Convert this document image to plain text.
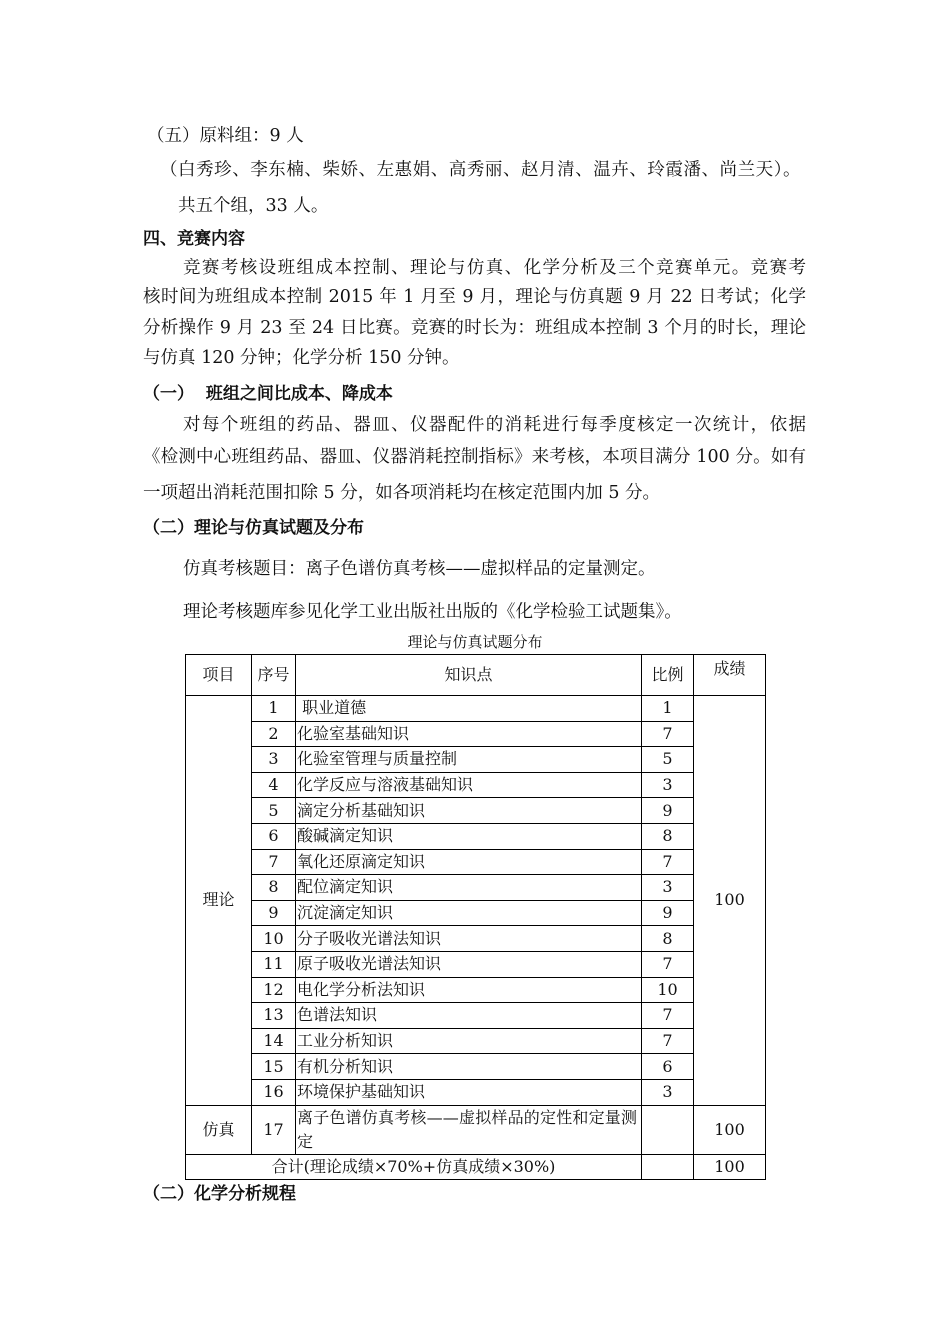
（五）原料组：9 人
（白秀珍、李东楠、柴娇、左惠娟、高秀丽、赵月清、温卉、玲霞潘、尚兰天）。
共五个组，33 人。
四、竞赛内容
竞赛考核设班组成本控制、理论与仿真、化学分析及三个竞赛单元。竞赛考
核时间为班组成本控制 2015 年 1 月至 9 月，理论与仿真题 9 月 22 日考试；化学
分析操作 9 月 23 至 24 日比赛。竞赛的时长为：班组成本控制 3 个月的时长，理论
与仿真 120 分钟；化学分析 150 分钟。
（一）  班组之间比成本、降成本
对每个班组的药品、器皿、仪器配件的消耗进行每季度核定一次统计，依据
《检测中心班组药品、器皿、仪器消耗控制指标》来考核，本项目满分 100 分。如有
一项超出消耗范围扣除 5 分，如各项消耗均在核定范围内加 5 分。
（二）理论与仿真试题及分布
仿真考核题目：离子色谱仿真考核——虚拟样品的定量测定。
理论考核题库参见化学工业出版社出版的《化学检验工试题集》。
理论与仿真试题分布
项目	序号	知识点	比例	成绩
理论	1	职业道德	1	100
	2	化验室基础知识	7	
	3	化验室管理与质量控制	5	
	4	化学反应与溶液基础知识	3	
	5	滴定分析基础知识	9	
	6	酸碱滴定知识	8	
	7	氧化还原滴定知识	7	
	8	配位滴定知识	3	
	9	沉淀滴定知识	9	
	10	分子吸收光谱法知识	8	
	11	原子吸收光谱法知识	7	
	12	电化学分析法知识	10	
	13	色谱法知识	7	
	14	工业分析知识	7	
	15	有机分析知识	6	
	16	环境保护基础知识	3	
仿真	17	离子色谱仿真考核——虚拟样品的定性和定量测定		100
合计(理论成绩×70%+仿真成绩×30%)				100
（二）化学分析规程
